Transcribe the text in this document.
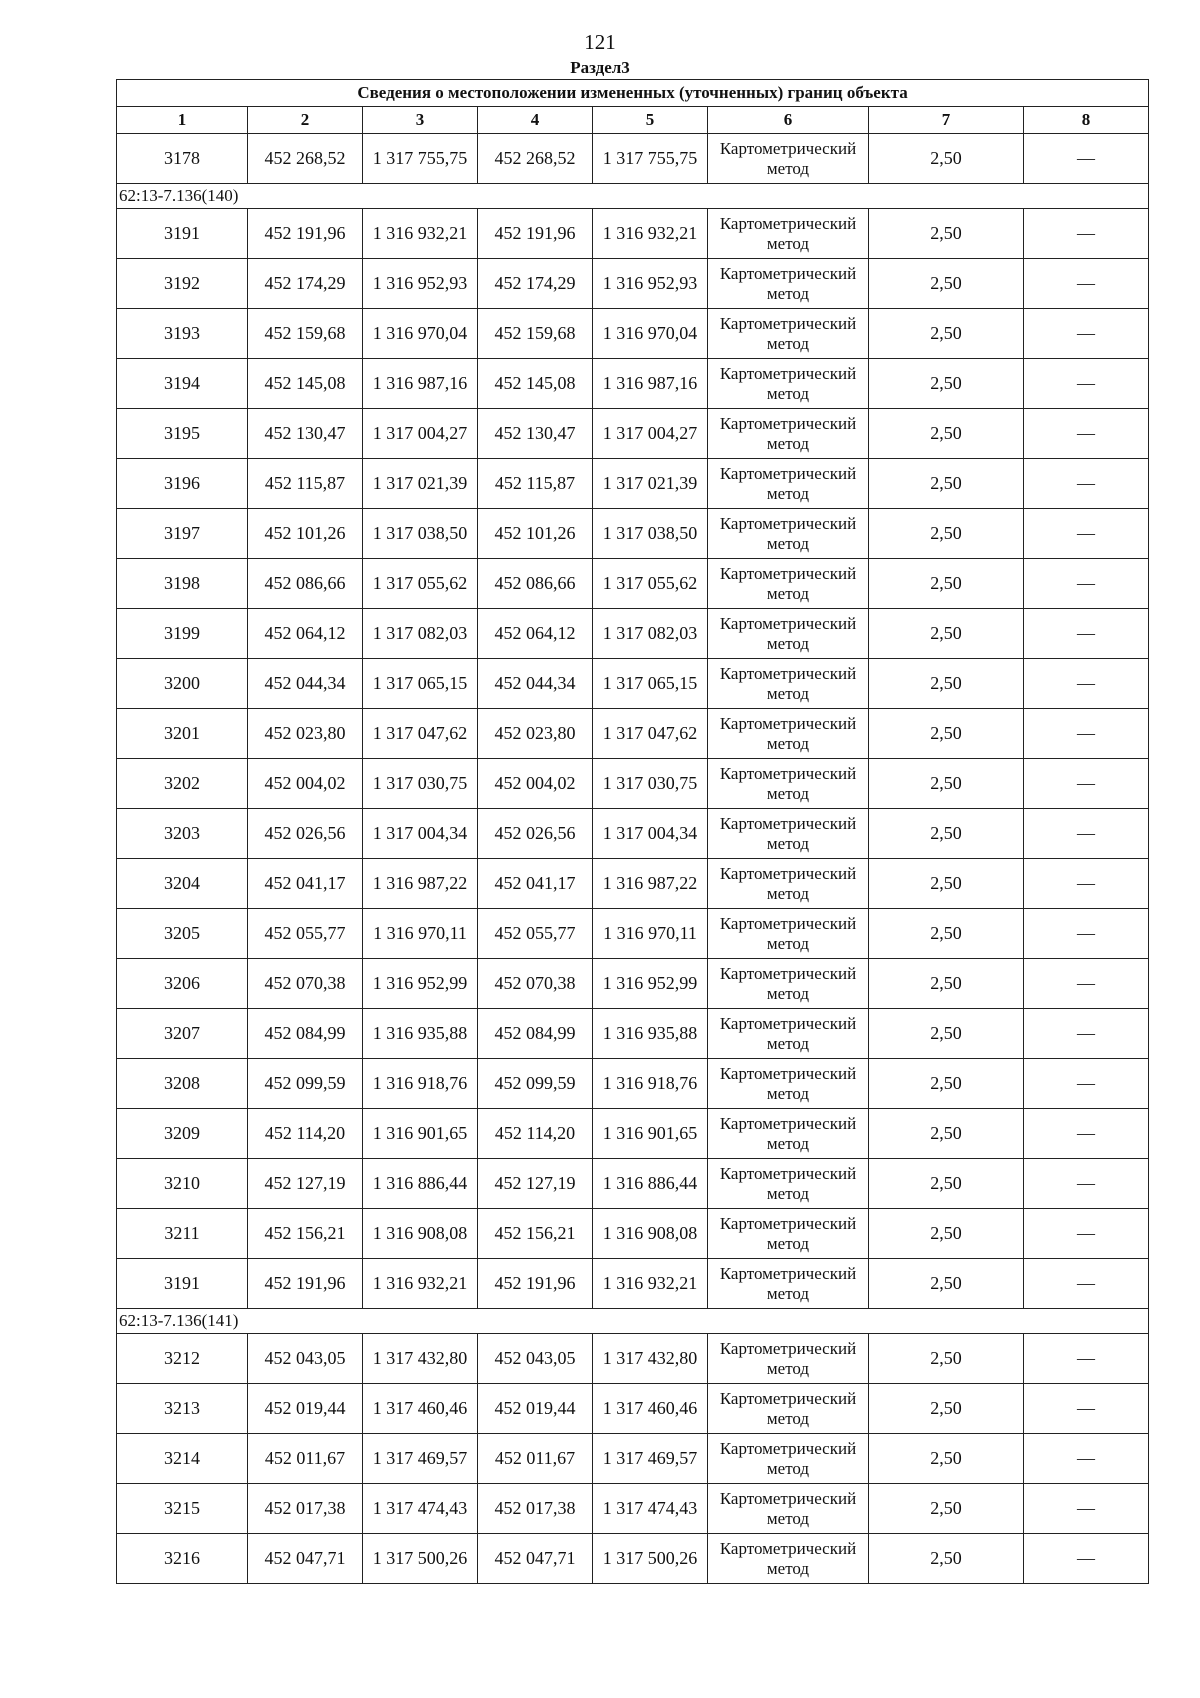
121
Раздел3
Сведения о местоположении измененных (уточненных) границ объекта							
1	2	3	4	5	6	7	8
3178	452 268,52	1 317 755,75	452 268,52	1 317 755,75	Картометрический метод	2,50	—
62:13-7.136(140)							
3191	452 191,96	1 316 932,21	452 191,96	1 316 932,21	Картометрический метод	2,50	—
3192	452 174,29	1 316 952,93	452 174,29	1 316 952,93	Картометрический метод	2,50	—
3193	452 159,68	1 316 970,04	452 159,68	1 316 970,04	Картометрический метод	2,50	—
3194	452 145,08	1 316 987,16	452 145,08	1 316 987,16	Картометрический метод	2,50	—
3195	452 130,47	1 317 004,27	452 130,47	1 317 004,27	Картометрический метод	2,50	—
3196	452 115,87	1 317 021,39	452 115,87	1 317 021,39	Картометрический метод	2,50	—
3197	452 101,26	1 317 038,50	452 101,26	1 317 038,50	Картометрический метод	2,50	—
3198	452 086,66	1 317 055,62	452 086,66	1 317 055,62	Картометрический метод	2,50	—
3199	452 064,12	1 317 082,03	452 064,12	1 317 082,03	Картометрический метод	2,50	—
3200	452 044,34	1 317 065,15	452 044,34	1 317 065,15	Картометрический метод	2,50	—
3201	452 023,80	1 317 047,62	452 023,80	1 317 047,62	Картометрический метод	2,50	—
3202	452 004,02	1 317 030,75	452 004,02	1 317 030,75	Картометрический метод	2,50	—
3203	452 026,56	1 317 004,34	452 026,56	1 317 004,34	Картометрический метод	2,50	—
3204	452 041,17	1 316 987,22	452 041,17	1 316 987,22	Картометрический метод	2,50	—
3205	452 055,77	1 316 970,11	452 055,77	1 316 970,11	Картометрический метод	2,50	—
3206	452 070,38	1 316 952,99	452 070,38	1 316 952,99	Картометрический метод	2,50	—
3207	452 084,99	1 316 935,88	452 084,99	1 316 935,88	Картометрический метод	2,50	—
3208	452 099,59	1 316 918,76	452 099,59	1 316 918,76	Картометрический метод	2,50	—
3209	452 114,20	1 316 901,65	452 114,20	1 316 901,65	Картометрический метод	2,50	—
3210	452 127,19	1 316 886,44	452 127,19	1 316 886,44	Картометрический метод	2,50	—
3211	452 156,21	1 316 908,08	452 156,21	1 316 908,08	Картометрический метод	2,50	—
3191	452 191,96	1 316 932,21	452 191,96	1 316 932,21	Картометрический метод	2,50	—
62:13-7.136(141)							
3212	452 043,05	1 317 432,80	452 043,05	1 317 432,80	Картометрический метод	2,50	—
3213	452 019,44	1 317 460,46	452 019,44	1 317 460,46	Картометрический метод	2,50	—
3214	452 011,67	1 317 469,57	452 011,67	1 317 469,57	Картометрический метод	2,50	—
3215	452 017,38	1 317 474,43	452 017,38	1 317 474,43	Картометрический метод	2,50	—
3216	452 047,71	1 317 500,26	452 047,71	1 317 500,26	Картометрический метод	2,50	—
